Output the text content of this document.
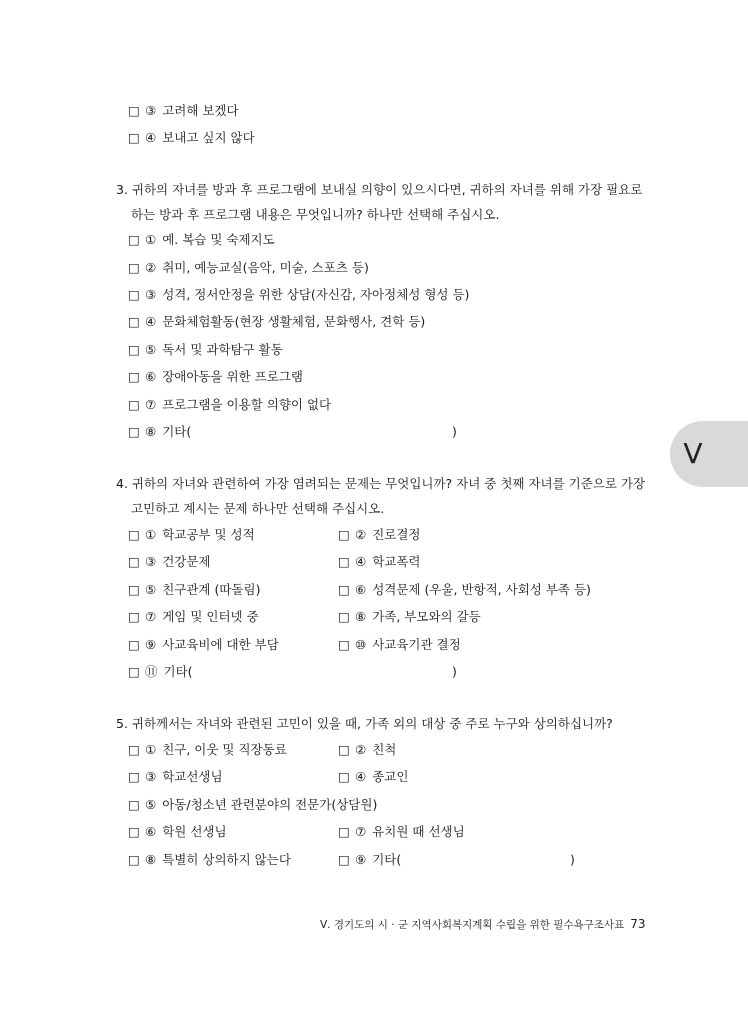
□ ③ 고려해 보겠다
□ ④ 보내고 싶지 않다
3. 귀하의 자녀를 방과 후 프로그램에 보내실 의향이 있으시다면, 귀하의 자녀를 위해 가장 필요로
하는 방과 후 프로그램 내용은 무엇입니까? 하나만 선택해 주십시오.
□ ① 예. 복습 및 숙제지도
□ ② 취미, 예능교실(음악, 미술, 스포츠 등)
□ ③ 성격, 정서안정을 위한 상담(자신감, 자아정체성 형성 등)
□ ④ 문화체험활동(현장 생활체험, 문화행사, 견학 등)
□ ⑤ 독서 및 과학탐구 활동
□ ⑥ 장애아동을 위한 프로그램
□ ⑦ 프로그램을 이용할 의향이 없다
□ ⑧ 기타(	)
V
4. 귀하의 자녀와 관련하여 가장 염려되는 문제는 무엇입니까? 자녀 중 첫째 자녀를 기준으로 가장
고민하고 계시는 문제 하나만 선택해 주십시오.
□ ① 학교공부 및 성적	□ ② 진로결정
□ ③ 건강문제	□ ④ 학교폭력
□ ⑤ 친구관계 (따돌림)	□ ⑥ 성격문제 (우울, 반항적, 사회성 부족 등)
□ ⑦ 게임 및 인터넷 중	□ ⑧ 가족, 부모와의 갈등
□ ⑨ 사교육비에 대한 부담	□ ⑩ 사교육기관 결정
□ ⑪ 기타(	)
5. 귀하께서는 자녀와 관련된 고민이 있을 때, 가족 외의 대상 중 주로 누구와 상의하십니까?
□ ① 친구, 이웃 및 직장동료	□ ② 친척
□ ③ 학교선생님	□ ④ 종교인
□ ⑤ 아동/청소년 관련분야의 전문가(상담원)
□ ⑥ 학원 선생님	□ ⑦ 유치원 때 선생님
□ ⑧ 특별히 상의하지 않는다	□ ⑨ 기타(	)
Ⅴ. 경기도의 시 · 군 지역사회복지계획 수립을 위한 필수욕구조사표 73
